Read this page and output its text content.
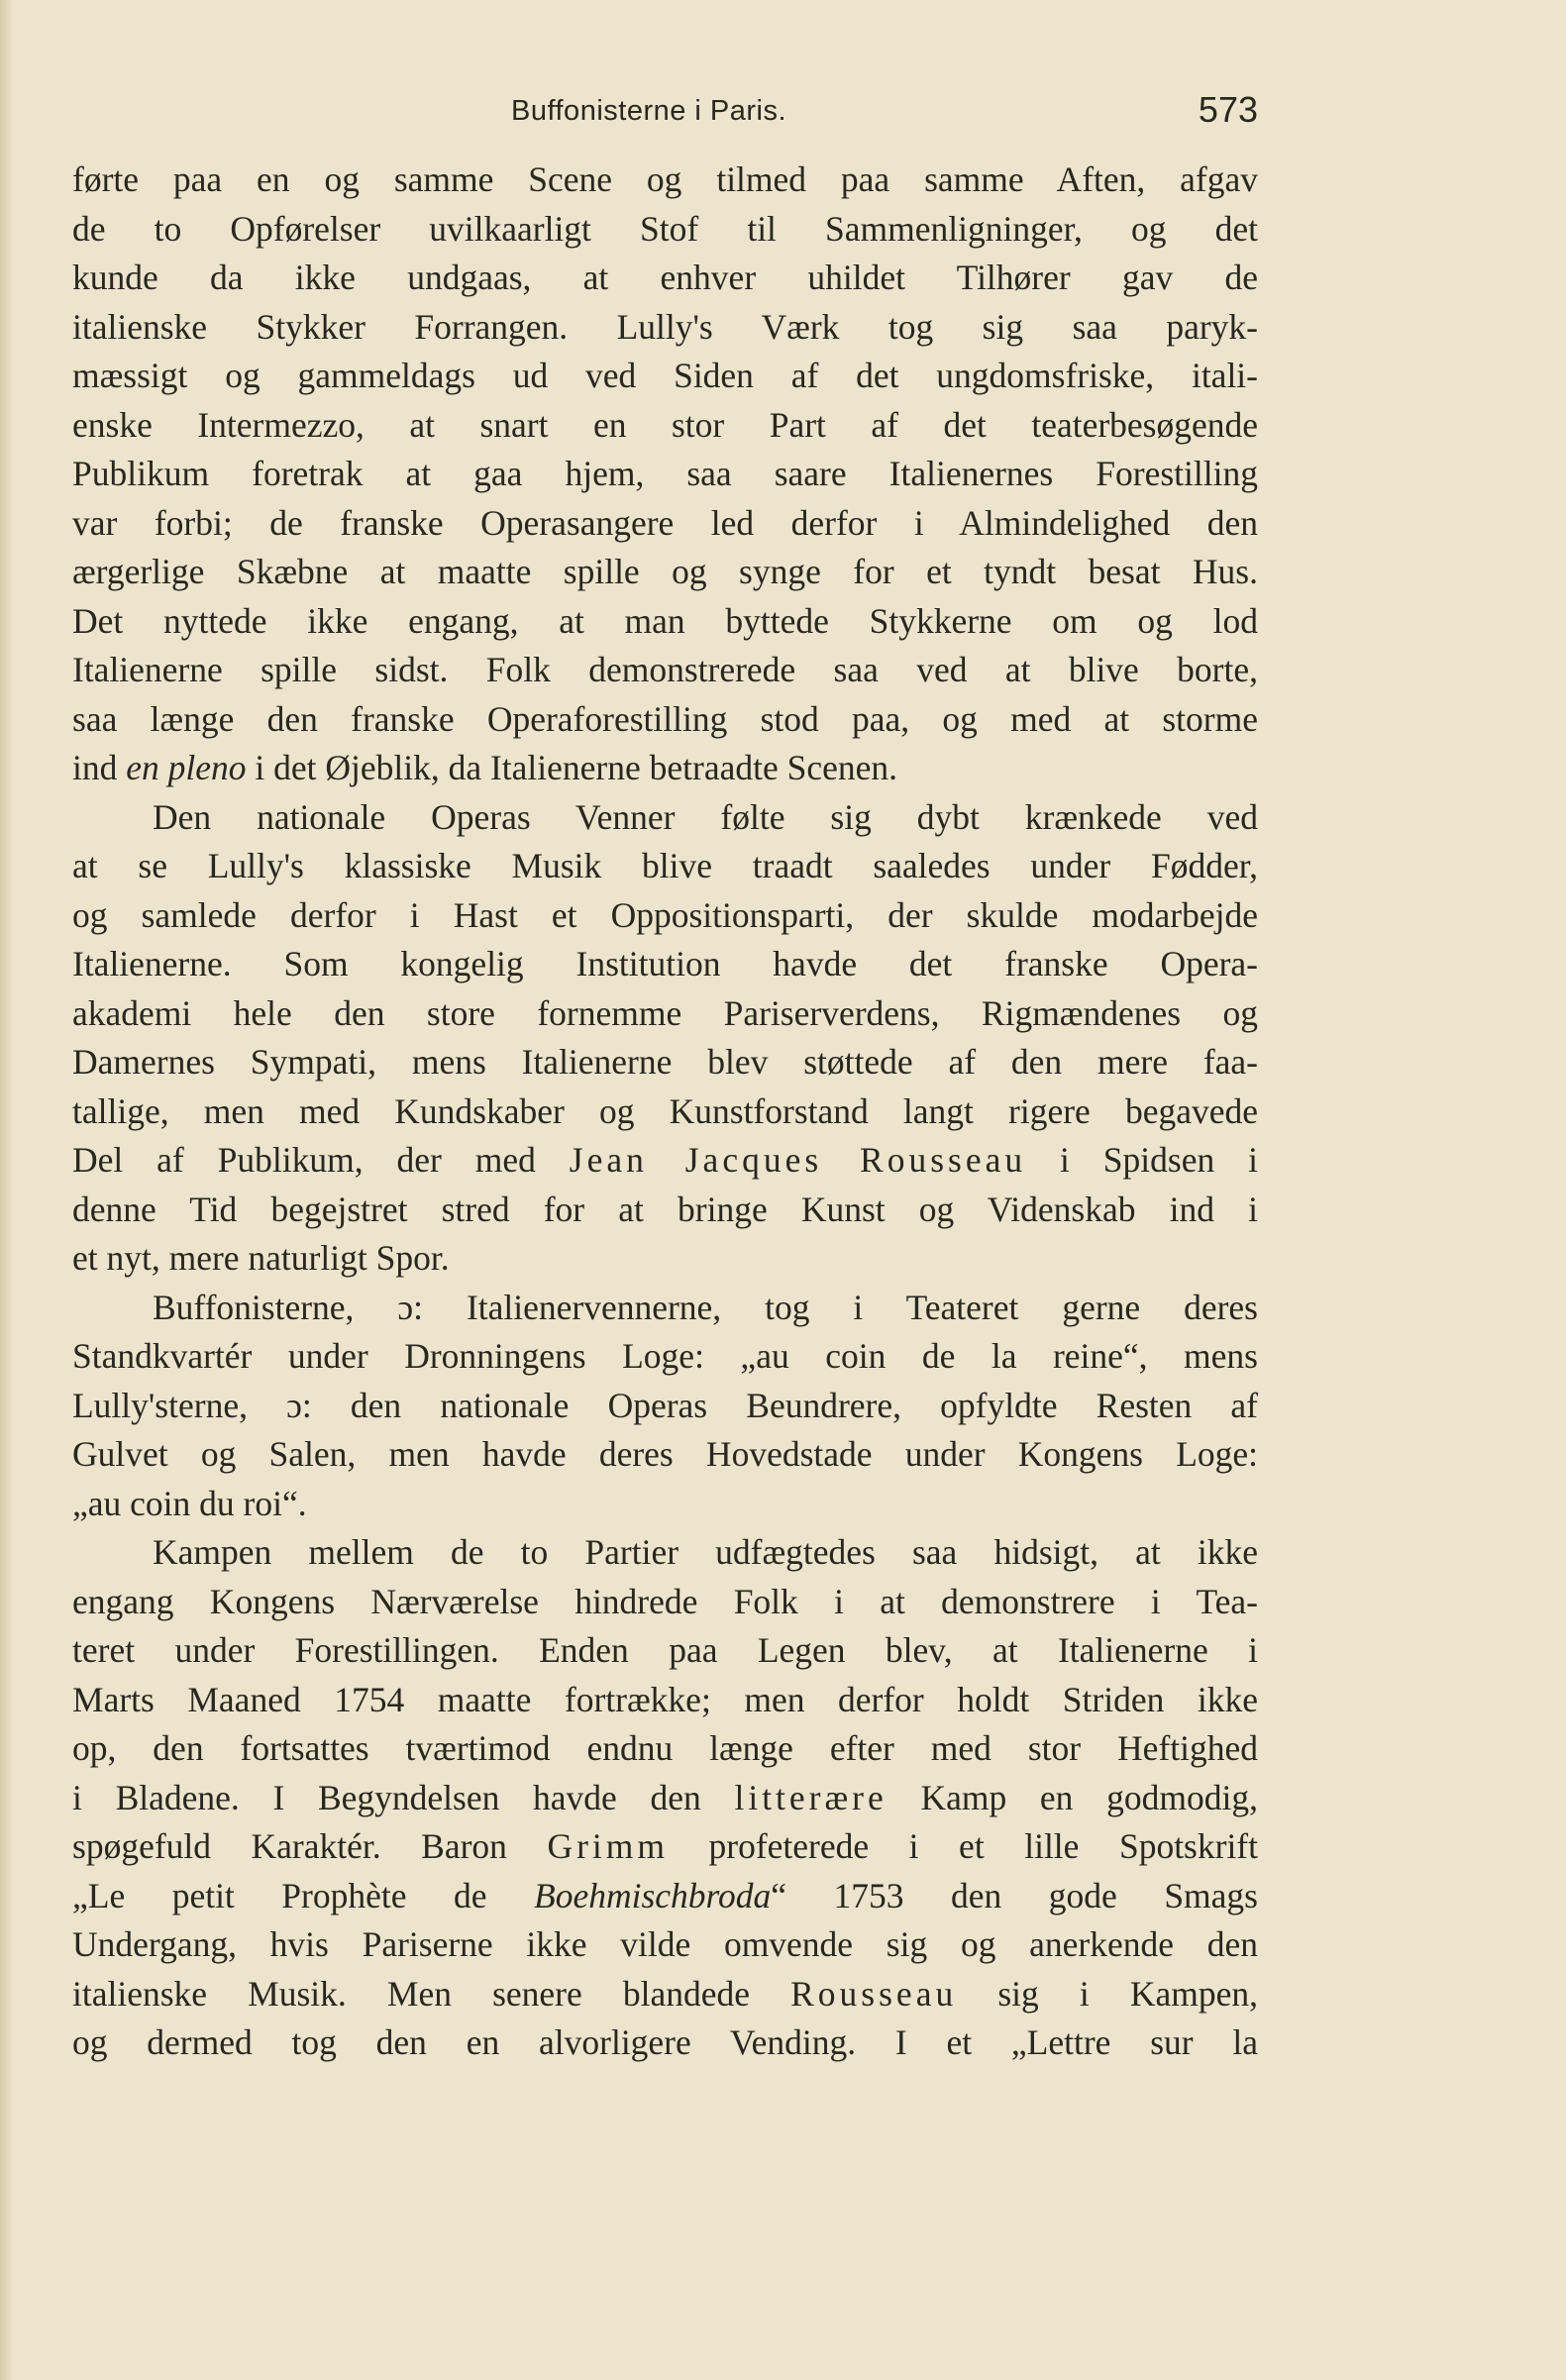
Buffonisterne i Paris.	573
førte paa en og samme Scene og tilmed paa samme Aften, afgav
de to Opførelser uvilkaarligt Stof til Sammenligninger, og det
kunde da ikke undgaas, at enhver uhildet Tilhører gav de
italienske Stykker Forrangen. Lully's Værk tog sig saa paryk-
mæssigt og gammeldags ud ved Siden af det ungdomsfriske, itali-
enske Intermezzo, at snart en stor Part af det teaterbesøgende
Publikum foretrak at gaa hjem, saa saare Italienernes Forestilling
var forbi; de franske Operasangere led derfor i Almindelighed den
ærgerlige Skæbne at maatte spille og synge for et tyndt besat Hus.
Det nyttede ikke engang, at man byttede Stykkerne om og lod
Italienerne spille sidst. Folk demonstrerede saa ved at blive borte,
saa længe den franske Operaforestilling stod paa, og med at storme
ind en pleno i det Øjeblik, da Italienerne betraadte Scenen.
Den nationale Operas Venner følte sig dybt krænkede ved
at se Lully's klassiske Musik blive traadt saaledes under Fødder,
og samlede derfor i Hast et Oppositionsparti, der skulde modarbejde
Italienerne. Som kongelig Institution havde det franske Opera-
akademi hele den store fornemme Pariserverdens, Rigmændenes og
Damernes Sympati, mens Italienerne blev støttede af den mere faa-
tallige, men med Kundskaber og Kunstforstand langt rigere begavede
Del af Publikum, der med Jean Jacques Rousseau i Spidsen i
denne Tid begejstret stred for at bringe Kunst og Videnskab ind i
et nyt, mere naturligt Spor.
Buffonisterne, ɔ: Italienervennerne, tog i Teateret gerne deres
Standkvartér under Dronningens Loge: „au coin de la reine“, mens
Lully'sterne, ɔ: den nationale Operas Beundrere, opfyldte Resten af
Gulvet og Salen, men havde deres Hovedstade under Kongens Loge:
„au coin du roi“.
Kampen mellem de to Partier udfægtedes saa hidsigt, at ikke
engang Kongens Nærværelse hindrede Folk i at demonstrere i Tea-
teret under Forestillingen. Enden paa Legen blev, at Italienerne i
Marts Maaned 1754 maatte fortrække; men derfor holdt Striden ikke
op, den fortsattes tværtimod endnu længe efter med stor Heftighed
i Bladene. I Begyndelsen havde den litterære Kamp en godmodig,
spøgefuld Karaktér. Baron Grimm profeterede i et lille Spotskrift
„Le petit Prophète de Boehmischbroda“ 1753 den gode Smags
Undergang, hvis Pariserne ikke vilde omvende sig og anerkende den
italienske Musik. Men senere blandede Rousseau sig i Kampen,
og dermed tog den en alvorligere Vending. I et „Lettre sur la
